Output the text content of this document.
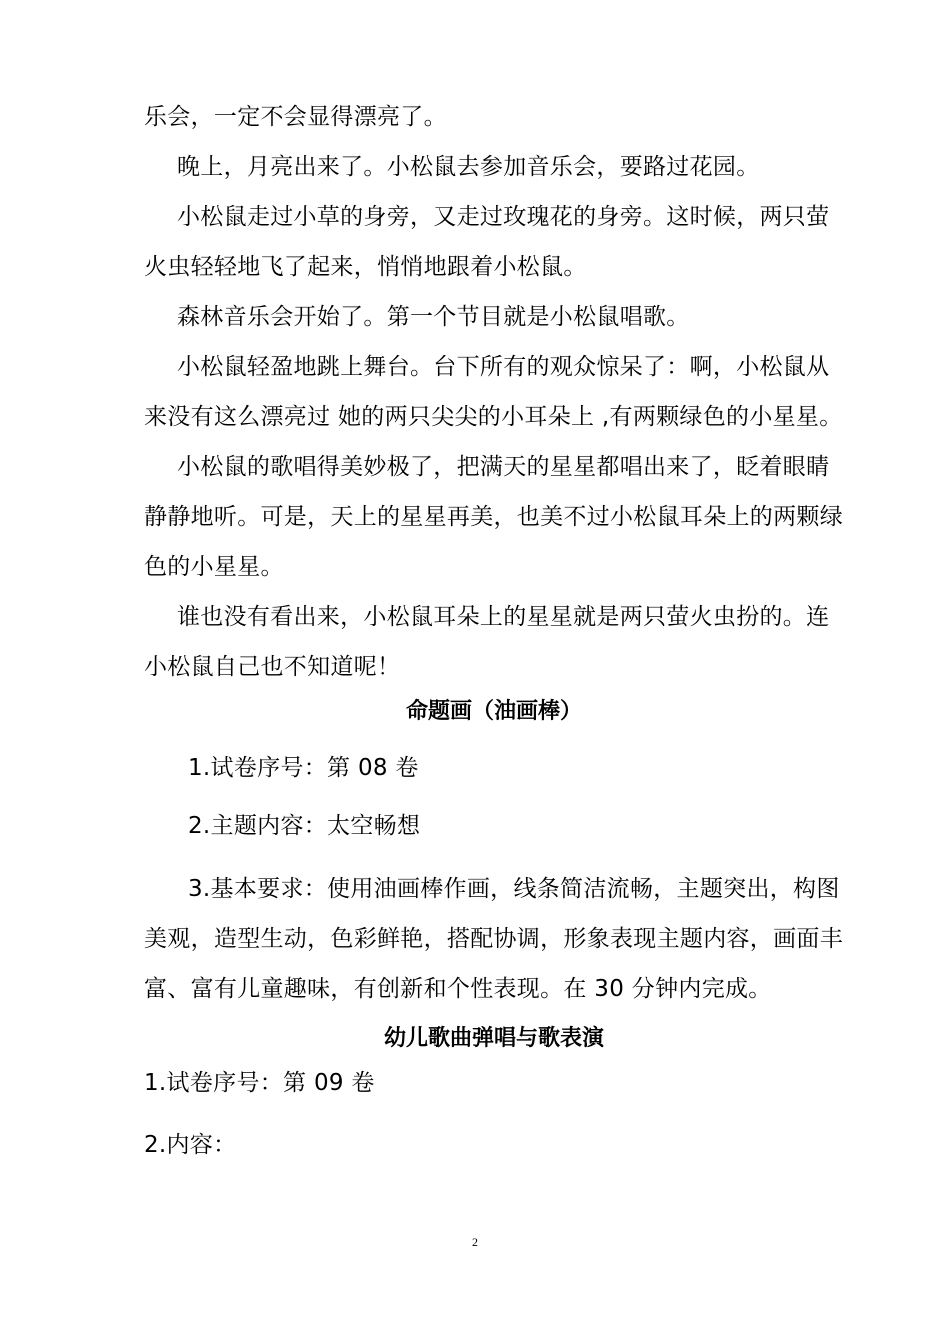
乐会，一定不会显得漂亮了。
晚上，月亮出来了。小松鼠去参加音乐会，要路过花园。
小松鼠走过小草的身旁，又走过玫瑰花的身旁。这时候，两只萤
火虫轻轻地飞了起来，悄悄地跟着小松鼠。
森林音乐会开始了。第一个节目就是小松鼠唱歌。
小松鼠轻盈地跳上舞台。台下所有的观众惊呆了：啊，小松鼠从
来没有这么漂亮过 她的两只尖尖的小耳朵上 ,有两颗绿色的小星星。
小松鼠的歌唱得美妙极了，把满天的星星都唱出来了，眨着眼睛
静静地听。可是，天上的星星再美，也美不过小松鼠耳朵上的两颗绿
色的小星星。
谁也没有看出来，小松鼠耳朵上的星星就是两只萤火虫扮的。连
小松鼠自己也不知道呢！
命题画（油画棒）
1.试卷序号：第 08 卷
2.主题内容：太空畅想
3.基本要求：使用油画棒作画，线条简洁流畅，主题突出，构图
美观，造型生动，色彩鲜艳，搭配协调，形象表现主题内容，画面丰
富、富有儿童趣味，有创新和个性表现。在 30 分钟内完成。
幼儿歌曲弹唱与歌表演
1.试卷序号：第 09 卷
2.内容：
2
